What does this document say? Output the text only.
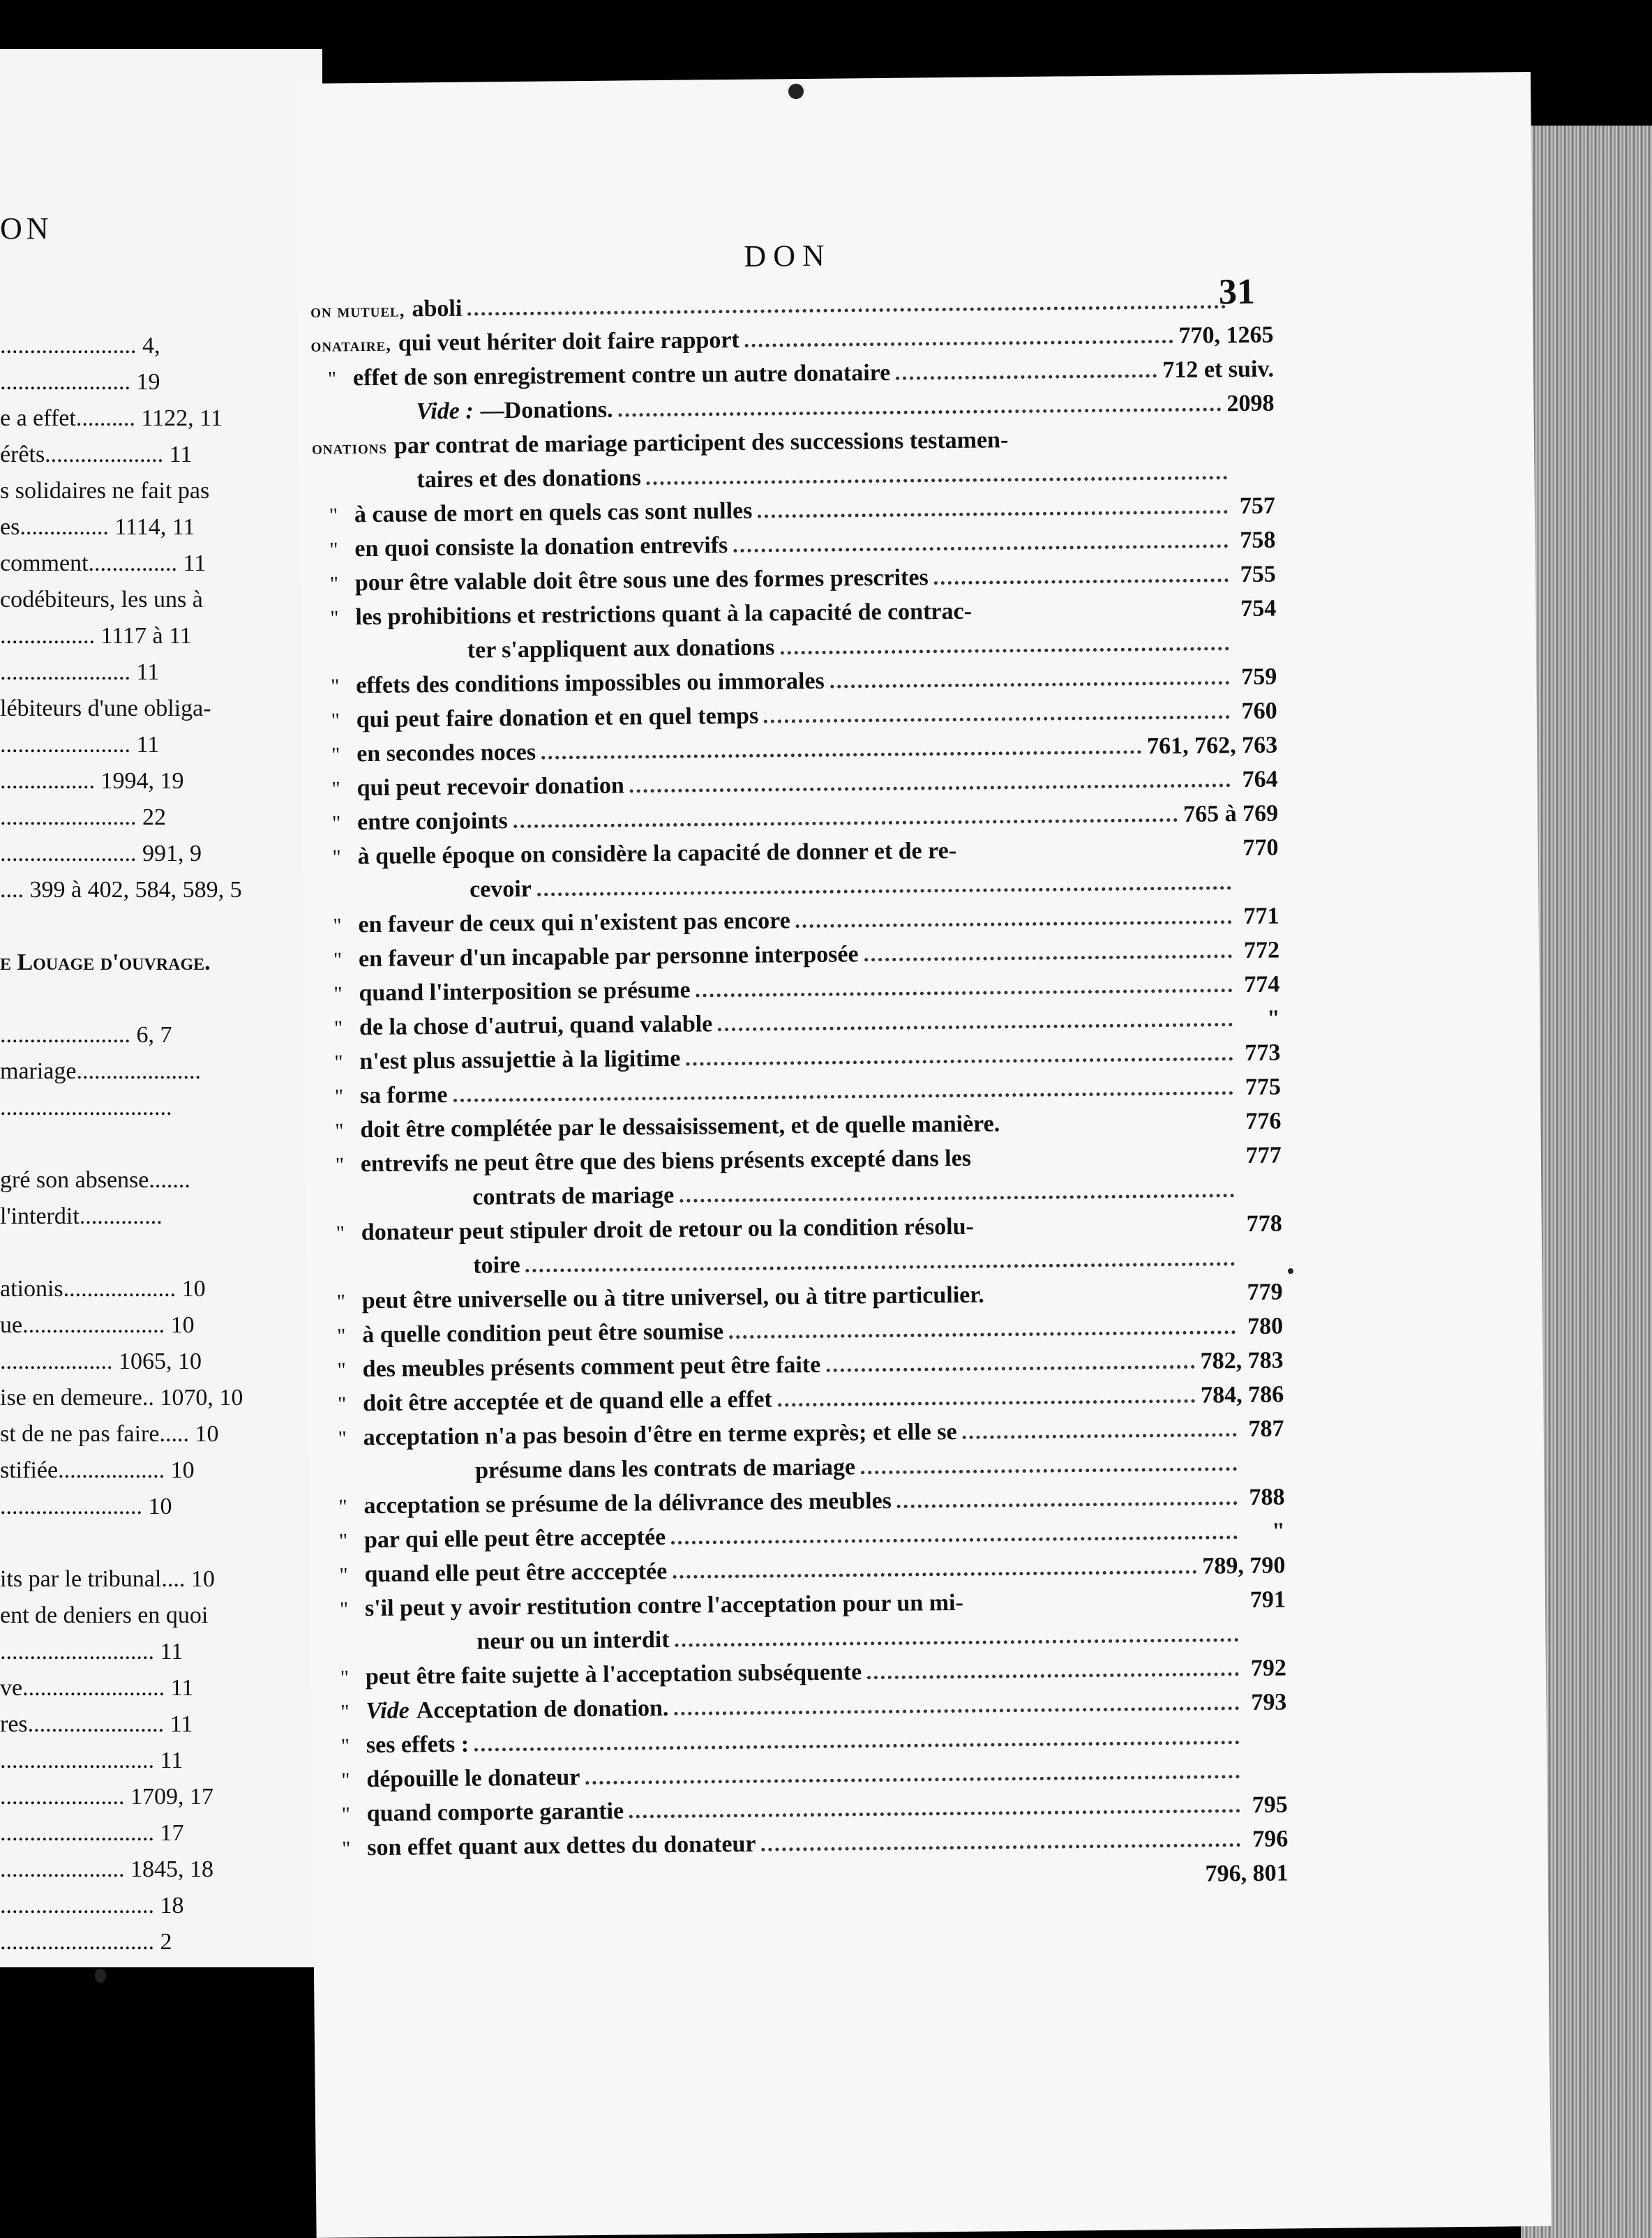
ON
....................... 4,
...................... 19
e a effet.......... 1122, 11
érêts.................... 11
s solidaires ne fait pas
es............... 1114, 11
comment............... 11
codébiteurs, les uns à
................ 1117 à 11
...................... 11
lébiteurs d'une obliga-
...................... 11
................ 1994, 19
....................... 22
....................... 991, 9
.... 399 à 402, 584, 589, 5
e Louage d'ouvrage.
...................... 6, 7
mariage.....................
.............................
gré son absense.......
l'interdit..............
ationis................... 10
ue........................ 10
................... 1065, 10
ise en demeure.. 1070, 10
st de ne pas faire..... 10
stifiée.................. 10
........................ 10
its par le tribunal.... 10
ent de deniers en quoi
.......................... 11
ve........................ 11
res....................... 11
.......................... 11
..................... 1709, 17
.......................... 17
..................... 1845, 18
.......................... 18
.......................... 2
DON
31
on mutuel, aboli
onataire, qui veut hériter doit faire rapport	770, 1265
" effet de son enregistrement contre un autre donataire	712 et suiv.
Vide : —Donations.	2098
onations par contrat de mariage participent des successions testamen-
taires et des donations
" à cause de mort en quels cas sont nulles	757
" en quoi consiste la donation entrevifs	758
" pour être valable doit être sous une des formes prescrites	755
" les prohibitions et restrictions quant à la capacité de contrac-	754
ter s'appliquent aux donations
" effets des conditions impossibles ou immorales	759
" qui peut faire donation et en quel temps	760
" en secondes noces	761, 762, 763
" qui peut recevoir donation	764
" entre conjoints	765 à 769
" à quelle époque on considère la capacité de donner et de re-	770
cevoir
" en faveur de ceux qui n'existent pas encore	771
" en faveur d'un incapable par personne interposée	772
" quand l'interposition se présume	774
" de la chose d'autrui, quand valable	"
" n'est plus assujettie à la ligitime	773
" sa forme	775
" doit être complétée par le dessaisissement, et de quelle manière.	776
" entrevifs ne peut être que des biens présents excepté dans les	777
contrats de mariage
" donateur peut stipuler droit de retour ou la condition résolu-	778
toire
" peut être universelle ou à titre universel, ou à titre particulier.	779
" à quelle condition peut être soumise	780
" des meubles présents comment peut être faite	782, 783
" doit être acceptée et de quand elle a effet	784, 786
" acceptation n'a pas besoin d'être en terme exprès; et elle se	787
présume dans les contrats de mariage
" acceptation se présume de la délivrance des meubles	788
" par qui elle peut être acceptée	"
" quand elle peut être accceptée	789, 790
" s'il peut y avoir restitution contre l'acceptation pour un mi-	791
neur ou un interdit
" peut être faite sujette à l'acceptation subséquente	792
" Vide Acceptation de donation.	793
" ses effets :
" dépouille le donateur
" quand comporte garantie	795
" son effet quant aux dettes du donateur	796
796, 801
